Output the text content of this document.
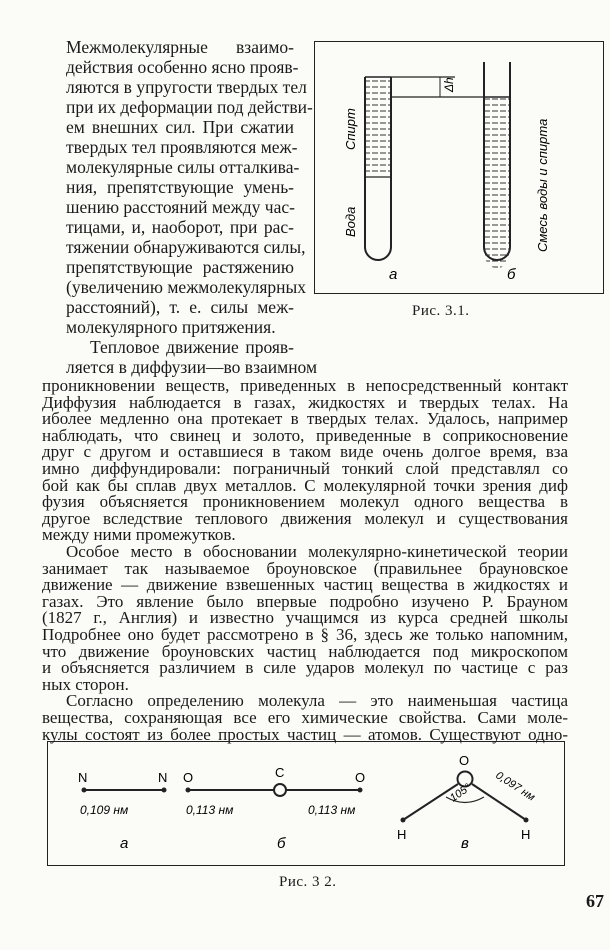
Межмолекулярные взаимо-

действия особенно ясно прояв-

ляются в упругости твердых тел

при их деформации под действи-

ем внешних сил. При сжатии

твердых тел проявляются меж-

молекулярные силы отталкива-

ния, препятствующие умень-

шению расстояний между час-

тицами, и, наоборот, при рас-

тяжении обнаруживаются силы,

препятствующие растяжению

(увеличению межмолекулярных

расстояний), т. е. силы меж-

молекулярного притяжения.

Тепловое движение прояв-

ляется в диффузии—во взаимном

проникновении веществ, приведенных в непосредственный контакт

Диффузия наблюдается в газах, жидкостях и твердых телах. На

иболее медленно она протекает в твердых телах. Удалось, например

наблюдать, что свинец и золото, приведенные в соприкосновение

друг с другом и оставшиеся в таком виде очень долгое время, вза

имно диффундировали: пограничный тонкий слой представлял со

бой как бы сплав двух металлов. С молекулярной точки зрения диф

фузия объясняется проникновением молекул одного вещества в

другое вследствие теплового движения молекул и существования

между ними промежутков.

Особое место в обосновании молекулярно-кинетической теории

занимает так называемое броуновское (правильнее брауновское

движение — движение взвешенных частиц вещества в жидкостях и

газах. Это явление было впервые подробно изучено Р. Брауном

(1827 г., Англия) и известно учащимся из курса средней школы

Подробнее оно будет рассмотрено в § 36, здесь же только напомним,

что движение броуновских частиц наблюдается под микроскопом

и объясняется различием в силе ударов молекул по частице с раз

Δh
Спирт
Вода	Смесь воды и спирта
а	б
Рис. 3.1.
N	N
0,109 нм
а
O	C	O
0,113 нм	0,113 нм
б
O
H	H
105° 0,097 нм
в
Рис. 3 2.
67

ных сторон.

Согласно определению молекула — это наименьшая частица

вещества, сохраняющая все его химические свойства. Сами моле-

кулы состоят из более простых частиц — атомов. Существуют одно-
